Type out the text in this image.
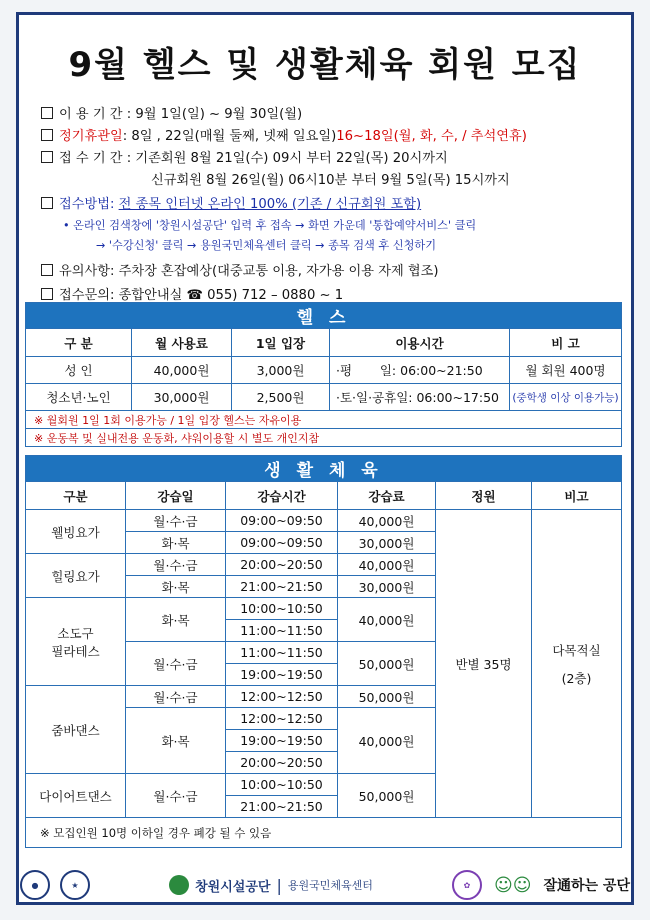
9월 헬스 및 생활체육 회원 모집
이 용 기 간 : 9월 1일(일) ~ 9월 30일(월)
정기휴관일: 8일 , 22일(매월 둘째, 넷째 일요일)16~18일(월, 화, 수, / 추석연휴)
접 수 기 간 : 기존회원 8월 21일(수) 09시 부터 22일(목) 20시까지
신규회원 8월 26일(월) 06시10분 부터 9월 5일(목) 15시까지
접수방법: 전 종목 인터넷 온라인 100% (기존 / 신규회원 포함)
• 온라인 검색창에 '창원시설공단' 입력 후 접속 → 화면 가운데 '통합예약서비스' 클릭
→ '수강신청' 클릭 → 용원국민체육센터 클릭 → 종목 검색 후 신청하기
유의사항: 주차장 혼잡예상(대중교통 이용, 자가용 이용 자제 협조)
접수문의: 종합안내실 ☎ 055) 712 – 0880 ~ 1
헬 스				
구 분	월 사용료	1일 입장	이용시간	비 고
성 인	40,000원	3,000원	·평       일: 06:00~21:50	월 회원 400명
청소년·노인	30,000원	2,500원	·토·일·공휴일: 06:00~17:50	(중학생 이상 이용가능)
※ 월회원 1일 1회 이용가능 / 1일 입장 헬스는 자유이용				
※ 운동복 및 실내전용 운동화, 샤워이용할 시 별도 개인지참				
생 활 체 육					
구분	강습일	강습시간	강습료	정원	비고
웰빙요가	월·수·금	09:00~09:50	40,000원	반별 35명	다목적실
(2층)

	화·목	09:00~09:50	30,000원		
힐링요가	월·수·금	20:00~20:50	40,000원		
	화·목	21:00~21:50	30,000원		
소도구
필라테스	화·목	10:00~10:50	40,000원		
		11:00~11:50			
	월·수·금	11:00~11:50	50,000원		
		19:00~19:50			
줌바댄스	월·수·금	12:00~12:50	50,000원		
	화·목	12:00~12:50	40,000원		
		19:00~19:50			
		20:00~20:50			
다이어트댄스	월·수·금	10:00~10:50	50,000원		
		21:00~21:50			
※ 모집인원 10명 이하일 경우 폐강 될 수 있음					
●	★	창원시설공단 | 용원국민체육센터	✿	☺☺ 잘通하는 공단
